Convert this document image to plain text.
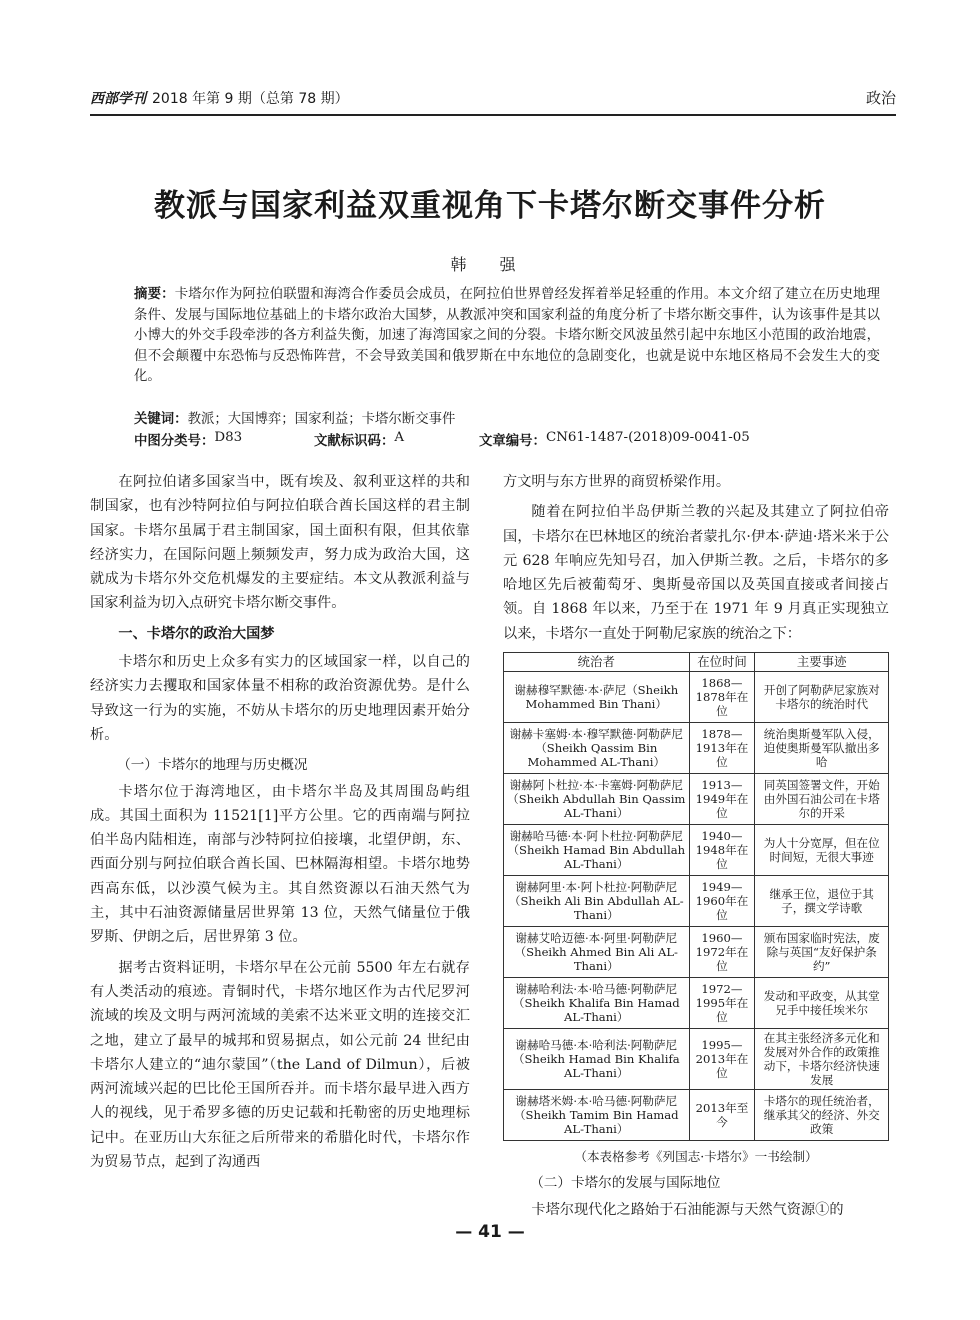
西部学刊 2018 年第 9 期（总第 78 期）	政治
教派与国家利益双重视角下卡塔尔断交事件分析
韩 强
摘要：卡塔尔作为阿拉伯联盟和海湾合作委员会成员，在阿拉伯世界曾经发挥着举足轻重的作用。本文介绍了建立在历史地理条件、发展与国际地位基础上的卡塔尔政治大国梦，从教派冲突和国家利益的角度分析了卡塔尔断交事件，认为该事件是其以小博大的外交手段牵涉的各方利益失衡，加速了海湾国家之间的分裂。卡塔尔断交风波虽然引起中东地区小范围的政治地震，但不会颠覆中东恐怖与反恐怖阵营，不会导致美国和俄罗斯在中东地位的急剧变化，也就是说中东地区格局不会发生大的变化。
关键词：教派；大国博弈；国家利益；卡塔尔断交事件
中图分类号： D83	文献标识码： A	文章编号： CN61-1487-(2018)09-0041-05

在阿拉伯诸多国家当中，既有埃及、叙利亚这样的共和制国家，也有沙特阿拉伯与阿拉伯联合酋长国这样的君主制国家。卡塔尔虽属于君主制国家，国土面积有限，但其依靠经济实力，在国际问题上频频发声，努力成为政治大国，这就成为卡塔尔外交危机爆发的主要症结。本文从教派利益与国家利益为切入点研究卡塔尔断交事件。

一、卡塔尔的政治大国梦

卡塔尔和历史上众多有实力的区域国家一样，以自己的经济实力去攫取和国家体量不相称的政治资源优势。是什么导致这一行为的实施，不妨从卡塔尔的历史地理因素开始分析。

（一）卡塔尔的地理与历史概况

卡塔尔位于海湾地区，由卡塔尔半岛及其周围岛屿组成。其国土面积为 11521[1]平方公里。它的西南端与阿拉伯半岛内陆相连，南部与沙特阿拉伯接壤，北望伊朗，东、西面分别与阿拉伯联合酋长国、巴林隔海相望。卡塔尔地势西高东低，以沙漠气候为主。其自然资源以石油天然气为主，其中石油资源储量居世界第 13 位，天然气储量位于俄罗斯、伊朗之后，居世界第 3 位。

据考古资料证明，卡塔尔早在公元前 5500 年左右就存有人类活动的痕迹。青铜时代，卡塔尔地区作为古代尼罗河流域的埃及文明与两河流域的美索不达米亚文明的连接交汇之地，建立了最早的城邦和贸易据点，如公元前 24 世纪由卡塔尔人建立的“迪尔蒙国”（the Land of Dilmun），后被两河流域兴起的巴比伦王国所吞并。而卡塔尔最早进入西方人的视线，见于希罗多德的历史记载和托勒密的历史地理标记中。在亚历山大东征之后所带来的希腊化时代，卡塔尔作为贸易节点，起到了沟通西

方文明与东方世界的商贸桥梁作用。

随着在阿拉伯半岛伊斯兰教的兴起及其建立了阿拉伯帝国，卡塔尔在巴林地区的统治者蒙扎尔·伊本·萨迪·塔米米于公元 628 年响应先知号召，加入伊斯兰教。之后，卡塔尔的多哈地区先后被葡萄牙、奥斯曼帝国以及英国直接或者间接占领。自 1868 年以来，乃至于在 1971 年 9 月真正实现独立以来，卡塔尔一直处于阿勒尼家族的统治之下：

统治者	在位时间	主要事迹
谢赫穆罕默德·本·萨尼（Sheikh Mohammed Bin Thani）	1868—1878年在位	开创了阿勒萨尼家族对卡塔尔的统治时代
谢赫卡塞姆·本·穆罕默德·阿勒萨尼（Sheikh Qassim Bin Mohammed AL-Thani）	1878—1913年在位	统治奥斯曼军队入侵，迫使奥斯曼军队撤出多哈
谢赫阿卜杜拉·本·卡塞姆·阿勒萨尼（Sheikh Abdullah Bin Qassim AL-Thani）	1913—1949年在位	同英国签署文件，开始由外国石油公司在卡塔尔的开采
谢赫哈马德·本·阿卜杜拉·阿勒萨尼（Sheikh Hamad Bin Abdullah AL-Thani）	1940—1948年在位	为人十分宽厚，但在位时间短，无很大事迹
谢赫阿里·本·阿卜杜拉·阿勒萨尼（Sheikh Ali Bin Abdullah AL-Thani）	1949—1960年在位	继承王位，退位于其子，撰文学诗歌
谢赫艾哈迈德·本·阿里·阿勒萨尼（Sheikh Ahmed Bin Ali AL-Thani）	1960—1972年在位	颁布国家临时宪法，废除与英国“友好保护条约”
谢赫哈利法·本·哈马德·阿勒萨尼（Sheikh Khalifa Bin Hamad AL-Thani）	1972—1995年在位	发动和平政变，从其堂兄手中接任埃米尔
谢赫哈马德·本·哈利法·阿勒萨尼（Sheikh Hamad Bin Khalifa AL-Thani）	1995—2013年在位	在其主张经济多元化和发展对外合作的政策推动下，卡塔尔经济快速发展
谢赫塔米姆·本·哈马德·阿勒萨尼（Sheikh Tamim Bin Hamad AL-Thani）	2013年至今	卡塔尔的现任统治者，继承其父的经济、外交政策
（本表格参考《列国志·卡塔尔》一书绘制）
（二）卡塔尔的发展与国际地位

卡塔尔现代化之路始于石油能源与天然气资源①的

— 41 —
